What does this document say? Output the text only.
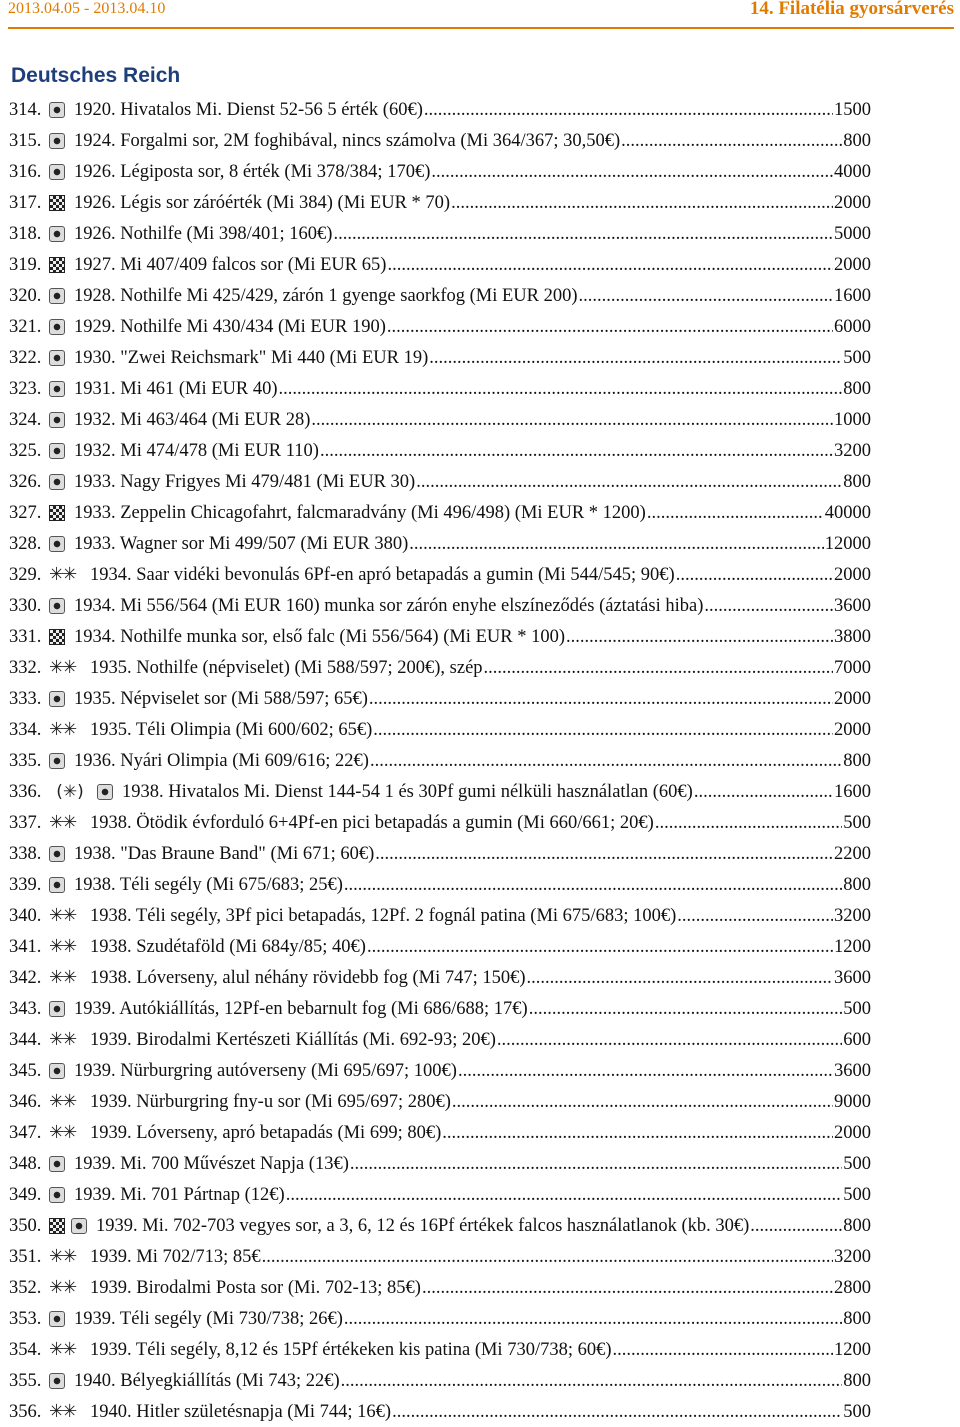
2013.04.05 - 2013.04.10	14. Filatélia gyorsárverés
Deutsches Reich
314.	1920. Hivatalos Mi. Dienst 52-56 5 érték (60€) .....	1500
315.	1924. Forgalmi sor, 2M foghibával, nincs számolva (Mi 364/367; 30,50€) .....	800
316.	1926. Légiposta sor, 8 érték (Mi 378/384; 170€) .....	4000
317.	1926. Légis sor záróérték (Mi 384) (Mi EUR * 70) .....	2000
318.	1926. Nothilfe (Mi 398/401; 160€) .....	5000
319.	1927. Mi 407/409 falcos sor (Mi EUR 65) .....	2000
320.	1928. Nothilfe Mi 425/429, zárón 1 gyenge saorkfog (Mi EUR 200) .....	1600
321.	1929. Nothilfe Mi 430/434 (Mi EUR 190) .....	6000
322.	1930. "Zwei Reichsmark" Mi 440 (Mi EUR 19) .....	500
323.	1931. Mi 461 (Mi EUR 40) .....	800
324.	1932. Mi 463/464 (Mi EUR 28) .....	1000
325.	1932. Mi 474/478 (Mi EUR 110) .....	3200
326.	1933. Nagy Frigyes Mi 479/481 (Mi EUR 30) .....	800
327.	1933. Zeppelin Chicagofahrt, falcmaradvány (Mi 496/498) (Mi EUR * 1200) .....	40000
328.	1933. Wagner sor Mi 499/507 (Mi EUR 380) .....	12000
329. ✳✳ 1934. Saar vidéki bevonulás 6Pf-en apró betapadás a gumin (Mi 544/545; 90€) .....	2000
330.	1934. Mi 556/564 (Mi EUR 160) munka sor zárón enyhe elszíneződés (áztatási hiba) .....	3600
331.	1934. Nothilfe munka sor, első falc (Mi 556/564) (Mi EUR * 100) .....	3800
332. ✳✳ 1935. Nothilfe (népviselet) (Mi 588/597; 200€), szép .....	7000
333.	1935. Népviselet sor (Mi 588/597; 65€) .....	2000
334. ✳✳ 1935. Téli Olimpia (Mi 600/602; 65€) .....	2000
335.	1936. Nyári Olimpia (Mi 609/616; 22€) .....	800
336. (✳)	1938. Hivatalos Mi. Dienst 144-54 1 és 30Pf gumi nélküli használatlan (60€) .....	1600
337. ✳✳ 1938. Ötödik évforduló 6+4Pf-en pici betapadás a gumin (Mi 660/661; 20€) .....	500
338.	1938. "Das Braune Band" (Mi 671; 60€) .....	2200
339.	1938. Téli segély (Mi 675/683; 25€) .....	800
340. ✳✳ 1938. Téli segély, 3Pf pici betapadás, 12Pf. 2 fognál patina (Mi 675/683; 100€) .....	3200
341. ✳✳ 1938. Szudétaföld (Mi 684y/85; 40€) .....	1200
342. ✳✳ 1938. Lóverseny, alul néhány rövidebb fog (Mi 747; 150€) .....	3600
343.	1939. Autókiállítás, 12Pf-en bebarnult fog (Mi 686/688; 17€) .....	500
344. ✳✳ 1939. Birodalmi Kertészeti Kiállítás (Mi. 692-93; 20€) .....	600
345.	1939. Nürburgring autóverseny (Mi 695/697; 100€) .....	3600
346. ✳✳ 1939. Nürburgring fny-u sor (Mi 695/697; 280€) .....	9000
347. ✳✳ 1939. Lóverseny, apró betapadás (Mi 699; 80€) .....	2000
348.	1939. Mi. 700 Művészet Napja (13€) .....	500
349.	1939. Mi. 701 Pártnap (12€) .....	500
350.	1939. Mi. 702-703 vegyes sor, a 3, 6, 12 és 16Pf értékek falcos használatlanok (kb. 30€) .....	800
351. ✳✳ 1939. Mi 702/713; 85€ .....	3200
352. ✳✳ 1939. Birodalmi Posta sor (Mi. 702-13; 85€) .....	2800
353.	1939. Téli segély (Mi 730/738; 26€) .....	800
354. ✳✳ 1939. Téli segély, 8,12 és 15Pf értékeken kis patina (Mi 730/738; 60€) .....	1200
355.	1940. Bélyegkiállítás (Mi 743; 22€) .....	800
356. ✳✳ 1940. Hitler születésnapja (Mi 744; 16€) .....	500
